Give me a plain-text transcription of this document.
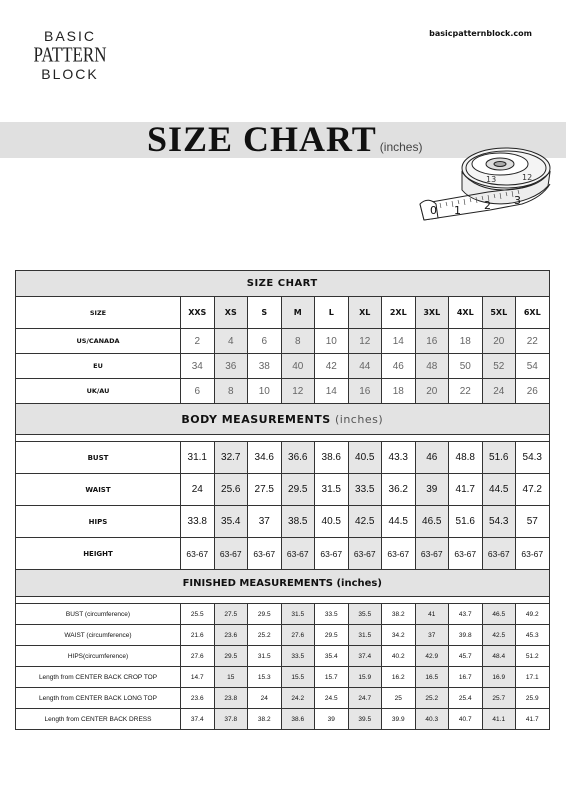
BASIC
PATTERN
BLOCK
basicpatternblock.com
SIZE CHART (inches)
0 1 2 3
13	12
SIZE CHART											
SIZE	XXS	XS	S	M	L	XL	2XL	3XL	4XL	5XL	6XL
US/CANADA	2	4	6	8	10	12	14	16	18	20	22
EU	34	36	38	40	42	44	46	48	50	52	54
UK/AU	6	8	10	12	14	16	18	20	22	24	26
BODY MEASUREMENTS (inches)											

BUST	31.1	32.7	34.6	36.6	38.6	40.5	43.3	46	48.8	51.6	54.3
WAIST	24	25.6	27.5	29.5	31.5	33.5	36.2	39	41.7	44.5	47.2
HIPS	33.8	35.4	37	38.5	40.5	42.5	44.5	46.5	51.6	54.3	57
HEIGHT	63-67	63-67	63-67	63-67	63-67	63-67	63-67	63-67	63-67	63-67	63-67
FINISHED MEASUREMENTS (inches)											

BUST (circumference)	25.5	27.5	29.5	31.5	33.5	35.5	38.2	41	43.7	46.5	49.2
WAIST (circumference)	21.6	23.6	25.2	27.6	29.5	31.5	34.2	37	39.8	42.5	45.3
HIPS(circumference)	27.6	29.5	31.5	33.5	35.4	37.4	40.2	42.9	45.7	48.4	51.2
Length from CENTER BACK CROP TOP	14.7	15	15.3	15.5	15.7	15.9	16.2	16.5	16.7	16.9	17.1
Length from CENTER BACK LONG TOP	23.6	23.8	24	24.2	24.5	24.7	25	25.2	25.4	25.7	25.9
Length from CENTER BACK DRESS	37.4	37.8	38.2	38.6	39	39.5	39.9	40.3	40.7	41.1	41.7
